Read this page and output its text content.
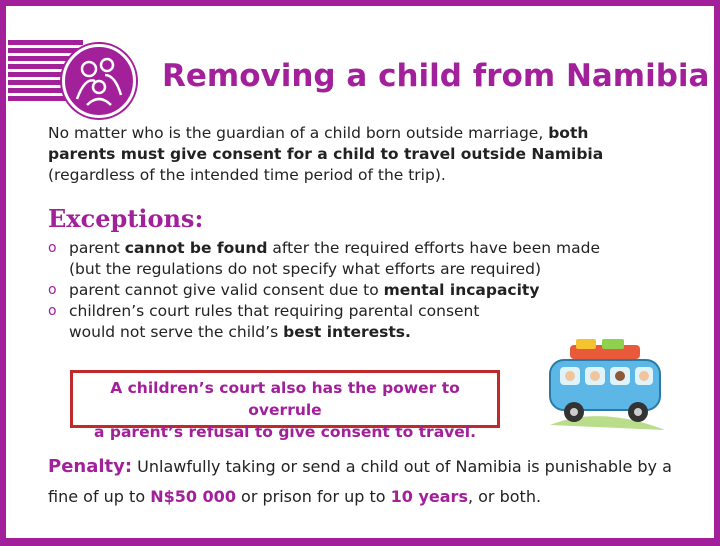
Removing a child from Namibia
No matter who is the guardian of a child born outside marriage, both
parents must give consent for a child to travel outside Namibia
(regardless of the intended time period of the trip).
Exceptions:
o parent cannot be found after the required efforts have been made (but the regulations do not specify what efforts are required)
o parent cannot give valid consent due to mental incapacity
o children’s court rules that requiring parental consent would not serve the child’s best interests.
A children’s court also has the power to overrule
a parent’s refusal to give consent to travel.
Penalty: Unlawfully taking or send a child out of Namibia is punishable by a fine of up to N$50 000 or prison for up to 10 years, or both.
